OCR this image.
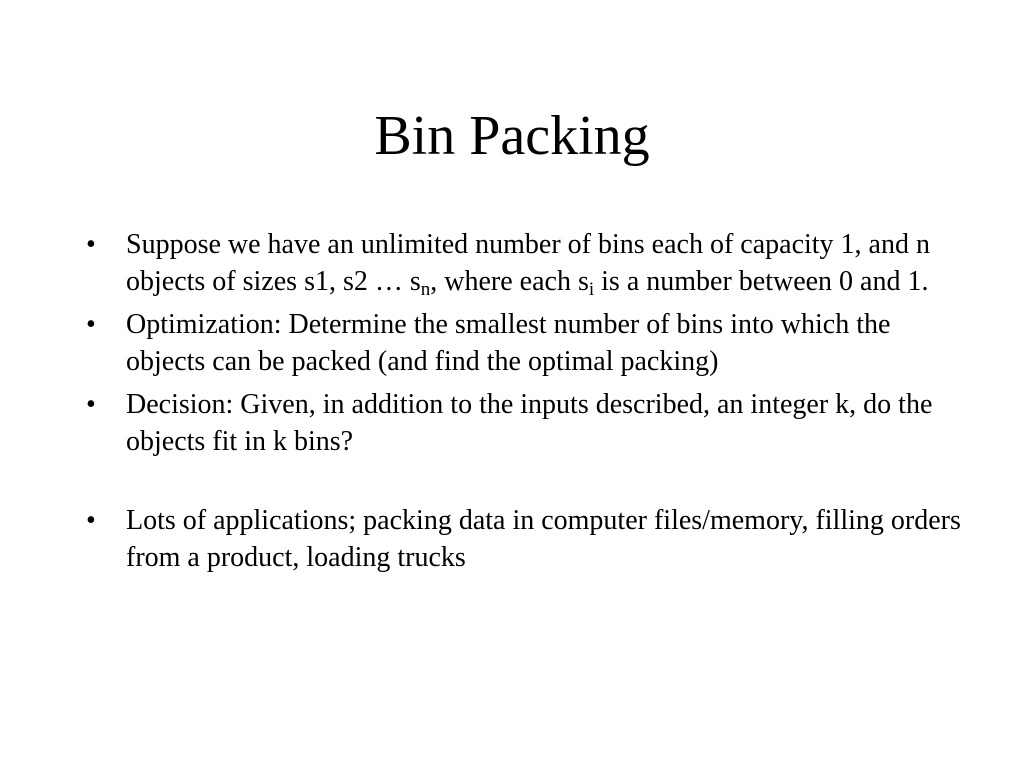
Bin Packing
• Suppose we have an unlimited number of bins each of capacity 1, and n objects of sizes s1, s2 … $s_n$, where each $s_i$ is a number between 0 and 1.
• Optimization: Determine the smallest number of bins into which the objects can be packed (and find the optimal packing)
• Decision: Given, in addition to the inputs described, an integer k, do the objects fit in k bins?
• Lots of applications; packing data in computer files/memory, filling orders from a product, loading trucks
